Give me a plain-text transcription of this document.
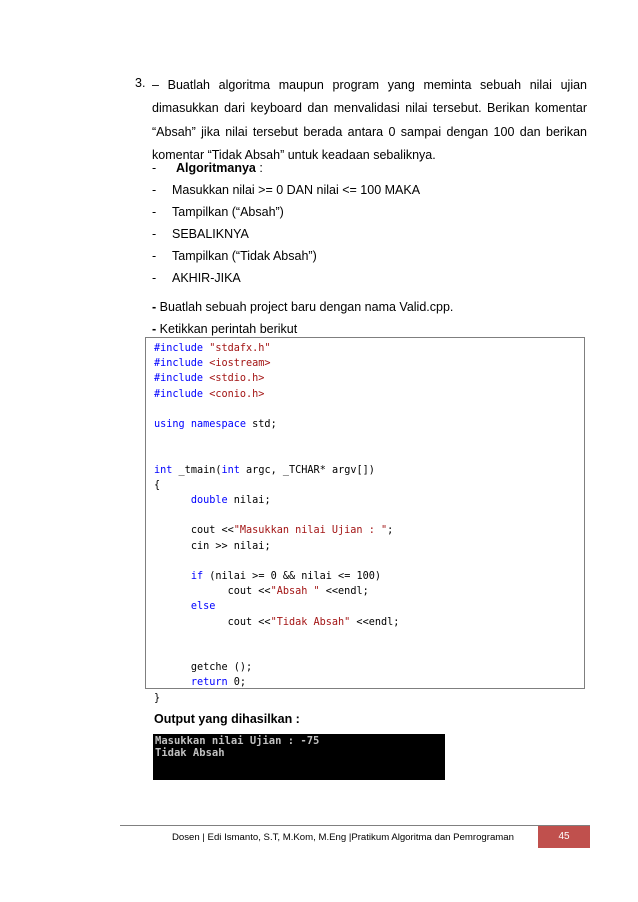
3. – Buatlah algoritma maupun program yang meminta sebuah nilai ujian
dimasukkan dari keyboard dan menvalidasi nilai tersebut. Berikan komentar
“Absah” jika nilai tersebut berada antara 0 sampai dengan 100 dan berikan
komentar “Tidak Absah” untuk keadaan sebaliknya.
- Algoritmanya :
- Masukkan nilai >= 0 DAN nilai <= 100 MAKA
- Tampilkan (“Absah”)
- SEBALIKNYA
- Tampilkan (“Tidak Absah”)
- AKHIR-JIKA
- Buatlah sebuah project baru dengan nama Valid.cpp.
- Ketikkan perintah berikut
#include "stdafx.h"
#include <iostream>
#include <stdio.h>
#include <conio.h>

using namespace std;

int _tmain(int argc, _TCHAR* argv[])
{
double nilai;

cout <<"Masukkan nilai Ujian : ";
cin >> nilai;

if (nilai >= 0 && nilai <= 100)
cout <<"Absah " <<endl;
else
cout <<"Tidak Absah" <<endl;

getche ();
return 0;
}
Output yang dihasilkan :
Masukkan nilai Ujian : -75
Tidak Absah
Dosen | Edi Ismanto, S.T, M.Kom, M.Eng |Pratikum Algoritma dan Pemrograman	45
